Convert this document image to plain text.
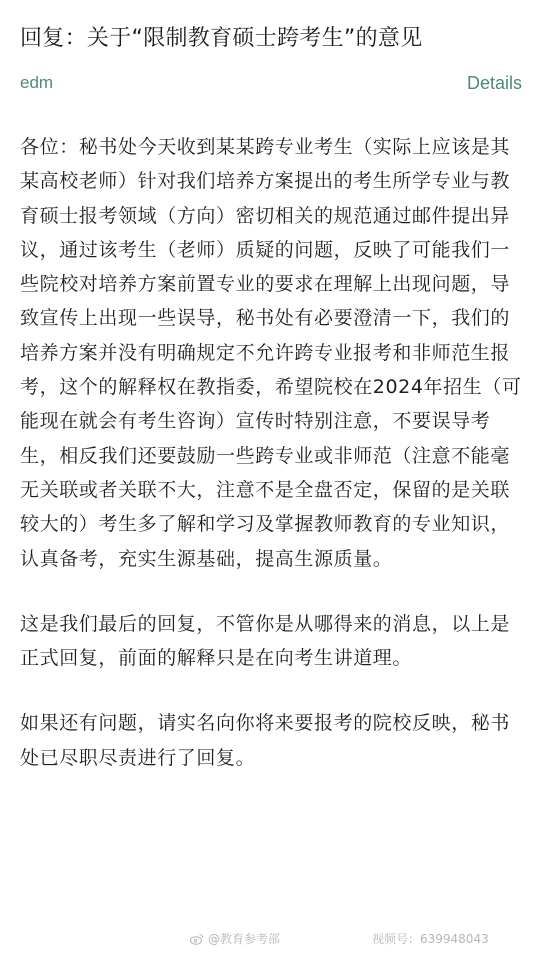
回复：关于“限制教育硕士跨考生”的意见
edm	Details

各位：秘书处今天收到某某跨专业考生（实际上应该是其某高校老师）针对我们培养方案提出的考生所学专业与教育硕士报考领域（方向）密切相关的规范通过邮件提出异议，通过该考生（老师）质疑的问题，反映了可能我们一些院校对培养方案前置专业的要求在理解上出现问题，导致宣传上出现一些误导，秘书处有必要澄清一下，我们的培养方案并没有明确规定不允许跨专业报考和非师范生报考，这个的解释权在教指委，希望院校在2024年招生（可能现在就会有考生咨询）宣传时特别注意，不要误导考生，相反我们还要鼓励一些跨专业或非师范（注意不能毫无关联或者关联不大，注意不是全盘否定，保留的是关联较大的）考生多了解和学习及掌握教师教育的专业知识，认真备考，充实生源基础，提高生源质量。

这是我们最后的回复，不管你是从哪得来的消息，以上是正式回复，前面的解释只是在向考生讲道理。

如果还有问题，请实名向你将来要报考的院校反映，秘书处已尽职尽责进行了回复。

@教育参考部	视频号：639948043
